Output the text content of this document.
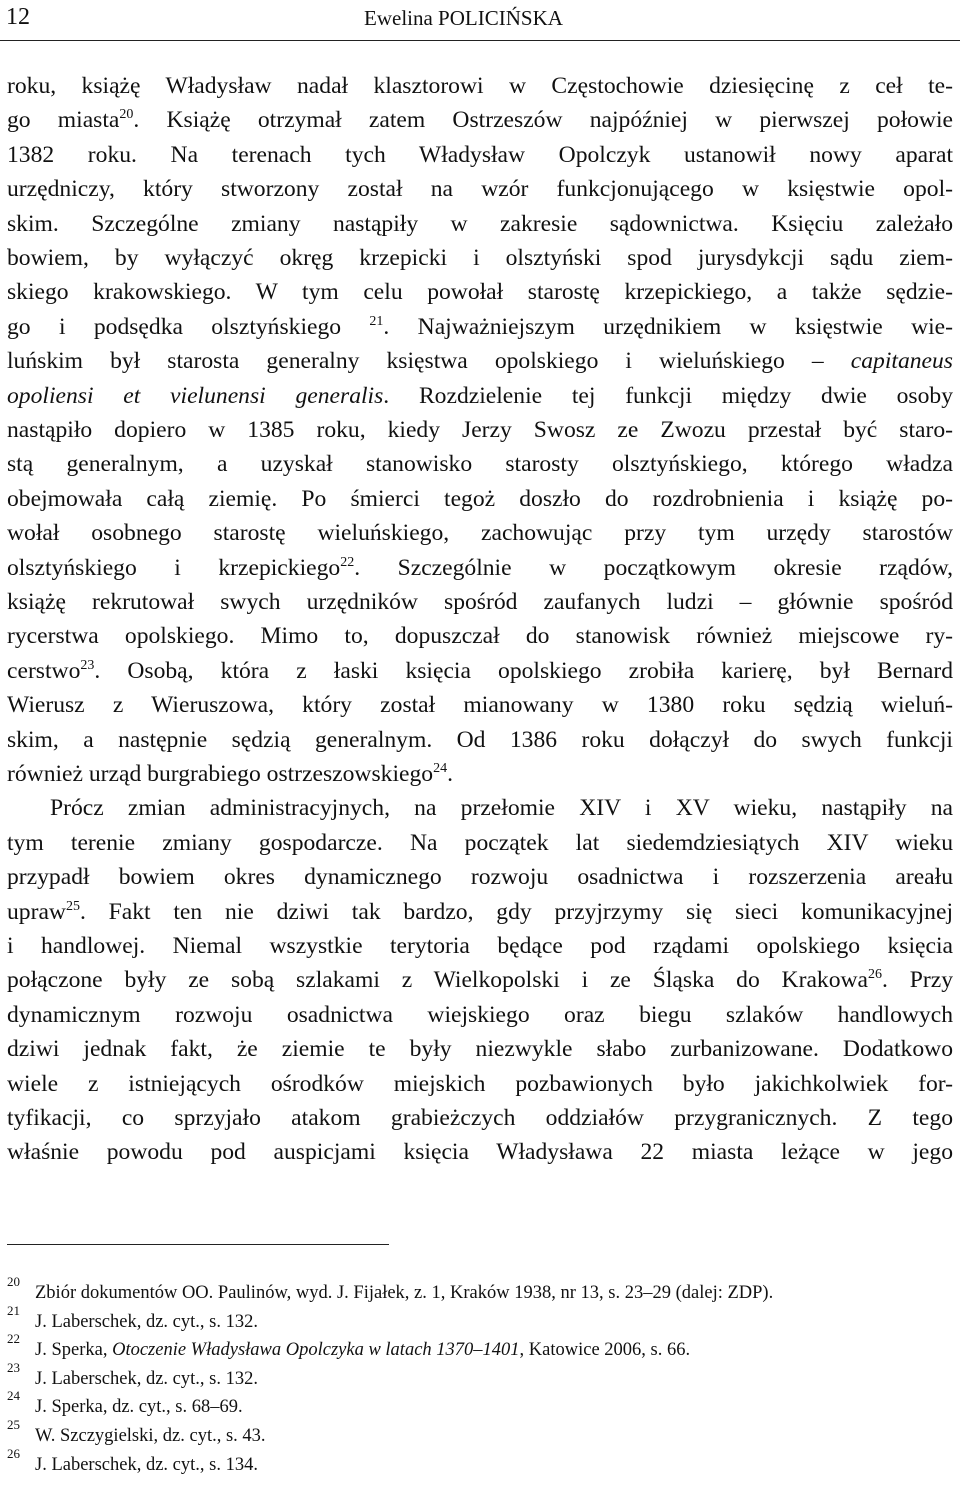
12	Ewelina POLICIŃSKA
roku, książę Władysław nadał klasztorowi w Częstochowie dziesięcinę z ceł te-
go miasta$^{20}$. Książę otrzymał zatem Ostrzeszów najpóźniej w pierwszej połowie
1382 roku. Na terenach tych Władysław Opolczyk ustanowił nowy aparat
urzędniczy, który stworzony został na wzór funkcjonującego w księstwie opol-
skim. Szczególne zmiany nastąpiły w zakresie sądownictwa. Księciu zależało
bowiem, by wyłączyć okręg krzepicki i olsztyński spod jurysdykcji sądu ziem-
skiego krakowskiego. W tym celu powołał starostę krzepickiego, a także sędzie-
go i podsędka olsztyńskiego $^{21}$. Najważniejszym urzędnikiem w księstwie wie-
luńskim był starosta generalny księstwa opolskiego i wieluńskiego – capitaneus
opoliensi et vielunensi generalis. Rozdzielenie tej funkcji między dwie osoby
nastąpiło dopiero w 1385 roku, kiedy Jerzy Swosz ze Zwozu przestał być staro-
stą generalnym, a uzyskał stanowisko starosty olsztyńskiego, którego władza
obejmowała całą ziemię. Po śmierci tegoż doszło do rozdrobnienia i książę po-
wołał osobnego starostę wieluńskiego, zachowując przy tym urzędy starostów
olsztyńskiego i krzepickiego$^{22}$. Szczególnie w początkowym okresie rządów,
książę rekrutował swych urzędników spośród zaufanych ludzi – głównie spośród
rycerstwa opolskiego. Mimo to, dopuszczał do stanowisk również miejscowe ry-
cerstwo$^{23}$. Osobą, która z łaski księcia opolskiego zrobiła karierę, był Bernard
Wierusz z Wieruszowa, który został mianowany w 1380 roku sędzią wieluń-
skim, a następnie sędzią generalnym. Od 1386 roku dołączył do swych funkcji
również urząd burgrabiego ostrzeszowskiego$^{24}$.
Prócz zmian administracyjnych, na przełomie XIV i XV wieku, nastąpiły na
tym terenie zmiany gospodarcze. Na początek lat siedemdziesiątych XIV wieku
przypadł bowiem okres dynamicznego rozwoju osadnictwa i rozszerzenia areału
upraw$^{25}$. Fakt ten nie dziwi tak bardzo, gdy przyjrzymy się sieci komunikacyjnej
i handlowej. Niemal wszystkie terytoria będące pod rządami opolskiego księcia
połączone były ze sobą szlakami z Wielkopolski i ze Śląska do Krakowa$^{26}$. Przy
dynamicznym rozwoju osadnictwa wiejskiego oraz biegu szlaków handlowych
dziwi jednak fakt, że ziemie te były niezwykle słabo zurbanizowane. Dodatkowo
wiele z istniejących ośrodków miejskich pozbawionych było jakichkolwiek for-
tyfikacji, co sprzyjało atakom grabieżczych oddziałów przygranicznych. Z tego
właśnie powodu pod auspicjami księcia Władysława 22 miasta leżące w jego
20
Zbiór dokumentów OO. Paulinów, wyd. J. Fijałek, z. 1, Kraków 1938, nr 13, s. 23–29 (dalej: ZDP).
21
J. Laberschek, dz. cyt., s. 132.
22
J. Sperka, Otoczenie Władysława Opolczyka w latach 1370–1401, Katowice 2006, s. 66.
23
J. Laberschek, dz. cyt., s. 132.
24
J. Sperka, dz. cyt., s. 68–69.
25
W. Szczygielski, dz. cyt., s. 43.
26
J. Laberschek, dz. cyt., s. 134.
